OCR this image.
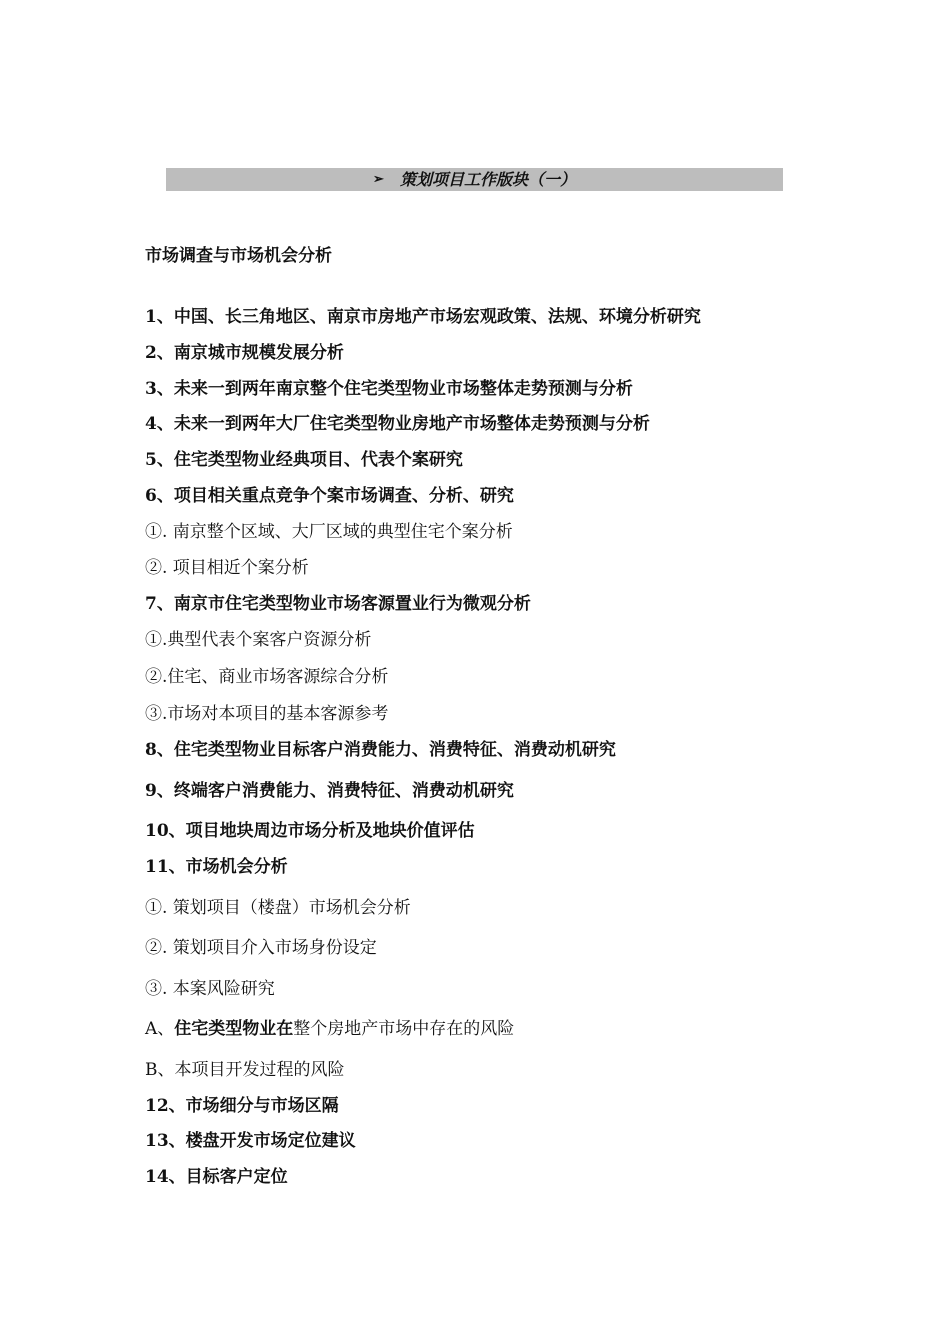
➢ 策划项目工作版块（一）
市场调查与市场机会分析
1、中国、长三角地区、南京市房地产市场宏观政策、法规、环境分析研究
2、南京城市规模发展分析
3、未来一到两年南京整个住宅类型物业市场整体走势预测与分析
4、未来一到两年大厂住宅类型物业房地产市场整体走势预测与分析
5、住宅类型物业经典项目、代表个案研究
6、项目相关重点竞争个案市场调查、分析、研究
①. 南京整个区域、大厂区域的典型住宅个案分析
②. 项目相近个案分析
7、南京市住宅类型物业市场客源置业行为微观分析
①.典型代表个案客户资源分析
②.住宅、商业市场客源综合分析
③.市场对本项目的基本客源参考
8、住宅类型物业目标客户消费能力、消费特征、消费动机研究
9、终端客户消费能力、消费特征、消费动机研究
10、项目地块周边市场分析及地块价值评估
11、市场机会分析
①. 策划项目（楼盘）市场机会分析
②. 策划项目介入市场身份设定
③. 本案风险研究
A、住宅类型物业在整个房地产市场中存在的风险
B、本项目开发过程的风险
12、市场细分与市场区隔
13、楼盘开发市场定位建议
14、目标客户定位
